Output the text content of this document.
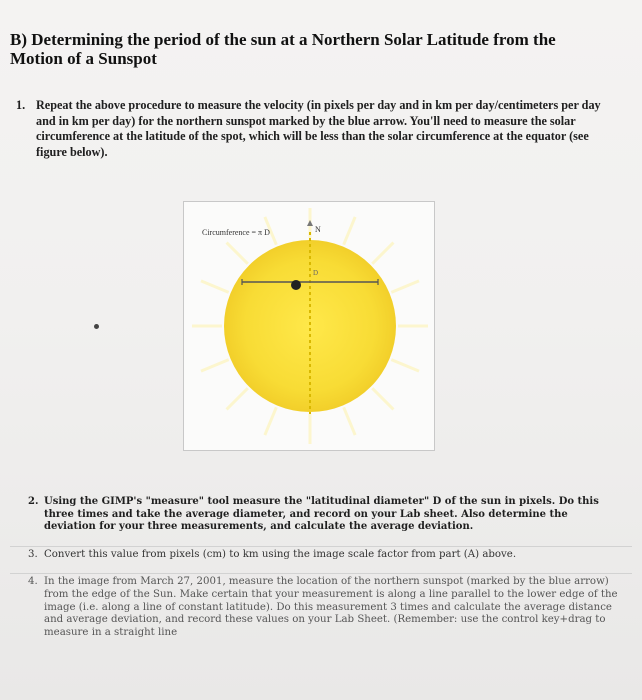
B) Determining the period of the sun at a Northern Solar Latitude from the
Motion of a Sunspot
1. Repeat the above procedure to measure the velocity (in pixels per day and in km per day/centimeters per day and in km per day) for the northern sunspot marked by the blue arrow. You'll need to measure the solar circumference at the latitude of the spot, which will be less than the solar circumference at the equator (see figure below).
Circumference = π D	N
D
2. Using the GIMP's "measure" tool measure the "latitudinal diameter" D of the sun in pixels. Do this three times and take the average diameter, and record on your Lab sheet. Also determine the deviation for your three measurements, and calculate the average deviation.
3. Convert this value from pixels (cm) to km using the image scale factor from part (A) above.
4. In the image from March 27, 2001, measure the location of the northern sunspot (marked by the blue arrow) from the edge of the Sun. Make certain that your measurement is along a line parallel to the lower edge of the image (i.e. along a line of constant latitude). Do this measurement 3 times and calculate the average distance and average deviation, and record these values on your Lab Sheet. (Remember: use the control key+drag to measure in a straight line
